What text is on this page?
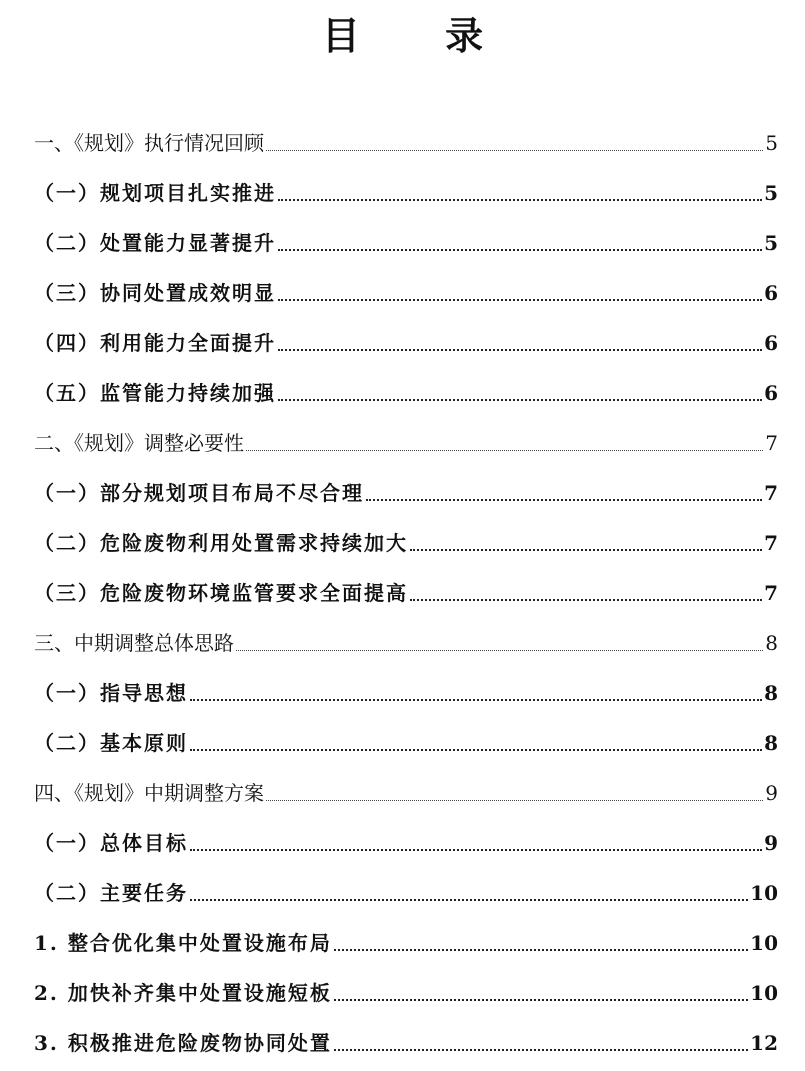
目 录
一、《规划》执行情况回顾	5
（一）规划项目扎实推进	5
（二）处置能力显著提升	5
（三）协同处置成效明显	6
（四）利用能力全面提升	6
（五）监管能力持续加强	6
二、《规划》调整必要性	7
（一）部分规划项目布局不尽合理	7
（二）危险废物利用处置需求持续加大	7
（三）危险废物环境监管要求全面提高	7
三、中期调整总体思路	8
（一）指导思想	8
（二）基本原则	8
四、《规划》中期调整方案	9
（一）总体目标	9
（二）主要任务	10
1. 整合优化集中处置设施布局	10
2. 加快补齐集中处置设施短板	10
3. 积极推进危险废物协同处置	12
